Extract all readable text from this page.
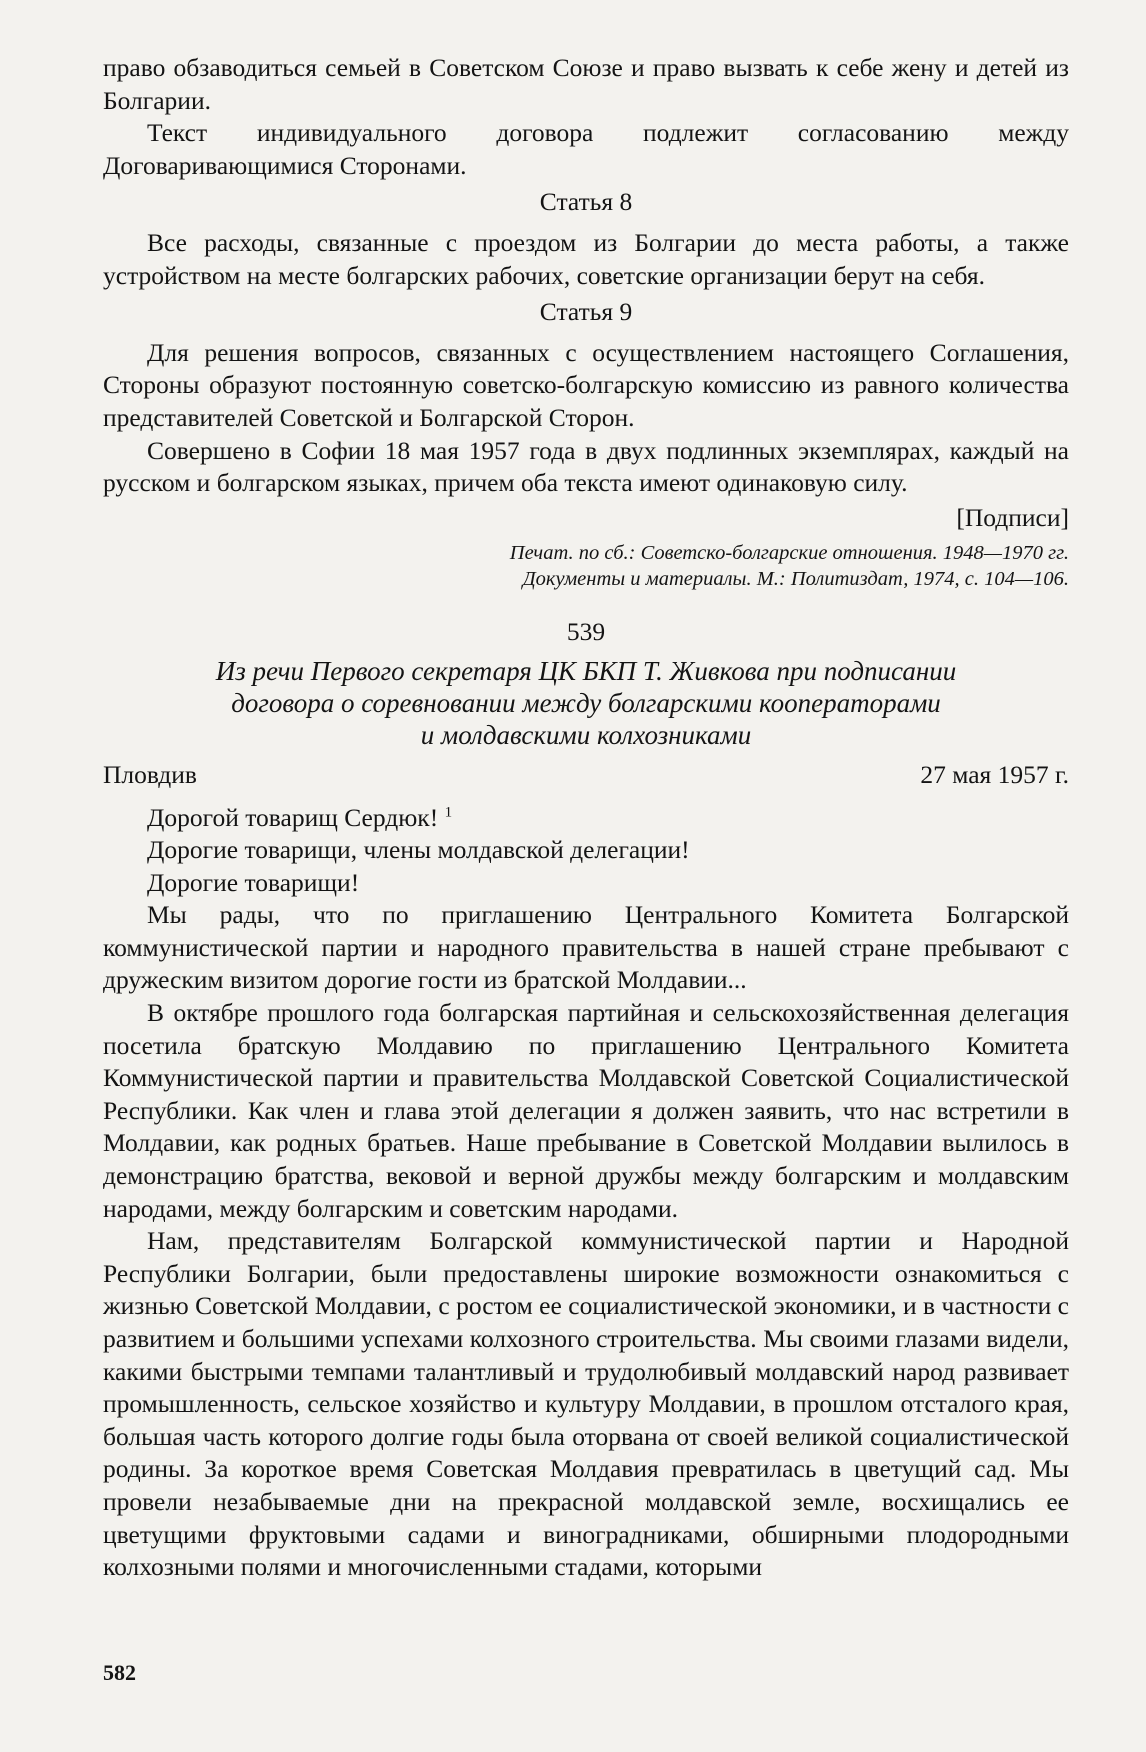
право обзаводиться семьей в Советском Союзе и право вызвать к себе жену и детей из Болгарии.

Текст индивидуального договора подлежит согласованию между Договаривающимися Сторонами.

Статья 8

Все расходы, связанные с проездом из Болгарии до места работы, а также устройством на месте болгарских рабочих, советские организации берут на себя.

Статья 9

Для решения вопросов, связанных с осуществлением настоящего Соглашения, Стороны образуют постоянную советско-болгарскую комиссию из равного количества представителей Советской и Болгарской Сторон.

Совершено в Софии 18 мая 1957 года в двух подлинных экземплярах, каждый на русском и болгарском языках, причем оба текста имеют одинаковую силу.

[Подписи]
Печат. по сб.: Советско-болгарские отношения. 1948—1970 гг.
Документы и материалы. М.: Политиздат, 1974, с. 104—106.
539
Из речи Первого секретаря ЦК БКП Т. Живкова при подписании
договора о соревновании между болгарскими кооператорами
и молдавскими колхозниками
Пловдив	27 мая 1957 г.
Дорогой товарищ Сердюк! $^1$
Дорогие товарищи, члены молдавской делегации!
Дорогие товарищи!

Мы рады, что по приглашению Центрального Комитета Болгарской коммунистической партии и народного правительства в нашей стране пребывают с дружеским визитом дорогие гости из братской Молдавии...

В октябре прошлого года болгарская партийная и сельскохозяйственная делегация посетила братскую Молдавию по приглашению Центрального Комитета Коммунистической партии и правительства Молдавской Советской Социалистической Республики. Как член и глава этой делегации я должен заявить, что нас встретили в Молдавии, как родных братьев. Наше пребывание в Советской Молдавии вылилось в демонстрацию братства, вековой и верной дружбы между болгарским и молдавским народами, между болгарским и советским народами.

Нам, представителям Болгарской коммунистической партии и Народной Республики Болгарии, были предоставлены широкие возможности ознакомиться с жизнью Советской Молдавии, с ростом ее социалистической экономики, и в частности с развитием и большими успехами колхозного строительства. Мы своими глазами видели, какими быстрыми темпами талантливый и трудолюбивый молдавский народ развивает промышленность, сельское хозяйство и культуру Молдавии, в прошлом отсталого края, большая часть которого долгие годы была оторвана от своей великой социалистической родины. За короткое время Советская Молдавия превратилась в цветущий сад. Мы провели незабываемые дни на прекрасной молдавской земле, восхищались ее цветущими фруктовыми садами и виноградниками, обширными плодородными колхозными полями и многочисленными стадами, которыми

582
